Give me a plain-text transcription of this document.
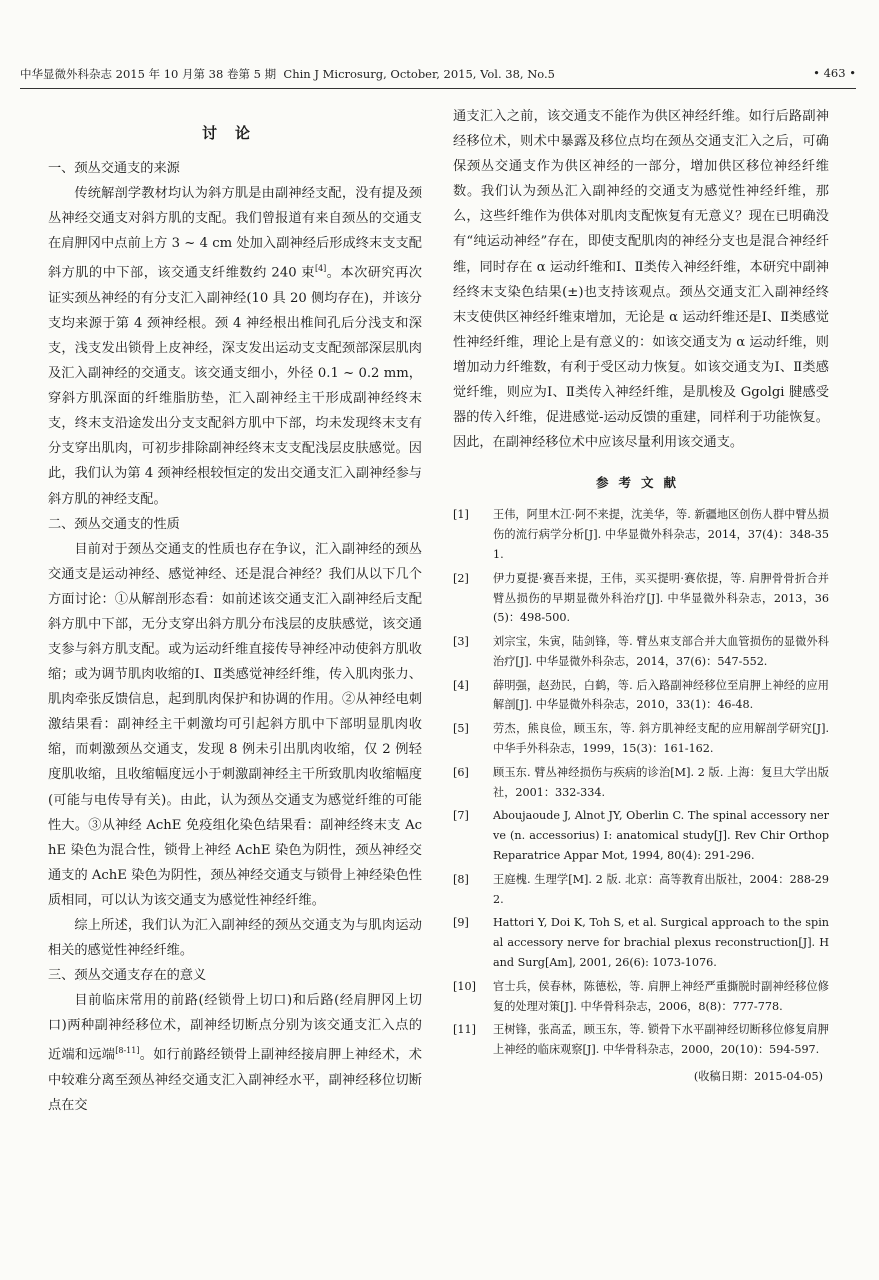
中华显微外科杂志 2015 年 10 月第 38 卷第 5 期 Chin J Microsurg, October, 2015, Vol. 38, No.5	• 463 •
讨论

一、颈丛交通支的来源

传统解剖学教材均认为斜方肌是由副神经支配，没有提及颈丛神经交通支对斜方肌的支配。我们曾报道有来自颈丛的交通支在肩胛冈中点前上方 3 ~ 4 cm 处加入副神经后形成终末支支配斜方肌的中下部，该交通支纤维数约 240 束[4]。本次研究再次证实颈丛神经的有分支汇入副神经(10 具 20 侧均存在)，并该分支均来源于第 4 颈神经根。颈 4 神经根出椎间孔后分浅支和深支，浅支发出锁骨上皮神经，深支发出运动支支配颈部深层肌肉及汇入副神经的交通支。该交通支细小，外径 0.1 ~ 0.2 mm，穿斜方肌深面的纤维脂肪垫，汇入副神经主干形成副神经终末支，终末支沿途发出分支支配斜方肌中下部，均未发现终末支有分支穿出肌肉，可初步排除副神经终末支支配浅层皮肤感觉。因此，我们认为第 4 颈神经根较恒定的发出交通支汇入副神经参与斜方肌的神经支配。

二、颈丛交通支的性质

目前对于颈丛交通支的性质也存在争议，汇入副神经的颈丛交通支是运动神经、感觉神经、还是混合神经？我们从以下几个方面讨论：①从解剖形态看：如前述该交通支汇入副神经后支配斜方肌中下部，无分支穿出斜方肌分布浅层的皮肤感觉，该交通支参与斜方肌支配。或为运动纤维直接传导神经冲动使斜方肌收缩；或为调节肌肉收缩的Ⅰ、Ⅱ类感觉神经纤维，传入肌肉张力、肌肉牵张反馈信息，起到肌肉保护和协调的作用。②从神经电刺激结果看：副神经主干刺激均可引起斜方肌中下部明显肌肉收缩，而刺激颈丛交通支，发现 8 例未引出肌肉收缩，仅 2 例轻度肌收缩，且收缩幅度远小于刺激副神经主干所致肌肉收缩幅度(可能与电传导有关)。由此，认为颈丛交通支为感觉纤维的可能性大。③从神经 AchE 免疫组化染色结果看：副神经终末支 AchE 染色为混合性，锁骨上神经 AchE 染色为阴性，颈丛神经交通支的 AchE 染色为阴性，颈丛神经交通支与锁骨上神经染色性质相同，可以认为该交通支为感觉性神经纤维。

综上所述，我们认为汇入副神经的颈丛交通支为与肌肉运动相关的感觉性神经纤维。

三、颈丛交通支存在的意义

目前临床常用的前路(经锁骨上切口)和后路(经肩胛冈上切口)两种副神经移位术，副神经切断点分别为该交通支汇入点的近端和远端[8-11]。如行前路经锁骨上副神经接肩胛上神经术，术中较难分离至颈丛神经交通支汇入副神经水平，副神经移位切断点在交

通支汇入之前，该交通支不能作为供区神经纤维。如行后路副神经移位术，则术中暴露及移位点均在颈丛交通支汇入之后，可确保颈丛交通支作为供区神经的一部分，增加供区移位神经纤维数。我们认为颈丛汇入副神经的交通支为感觉性神经纤维，那么，这些纤维作为供体对肌肉支配恢复有无意义？现在已明确没有“纯运动神经”存在，即使支配肌肉的神经分支也是混合神经纤维，同时存在 α 运动纤维和Ⅰ、Ⅱ类传入神经纤维，本研究中副神经终末支染色结果(±)也支持该观点。颈丛交通支汇入副神经终末支使供区神经纤维束增加，无论是 α 运动纤维还是Ⅰ、Ⅱ类感觉性神经纤维，理论上是有意义的：如该交通支为 α 运动纤维，则增加动力纤维数，有利于受区动力恢复。如该交通支为Ⅰ、Ⅱ类感觉纤维，则应为Ⅰ、Ⅱ类传入神经纤维，是肌梭及 Ggolgi 腱感受器的传入纤维，促进感觉-运动反馈的重建，同样利于功能恢复。因此，在副神经移位术中应该尽量利用该交通支。

参考文献
[1] 王伟，阿里木江·阿不来提，沈美华，等. 新疆地区创伤人群中臂丛损伤的流行病学分析[J]. 中华显微外科杂志，2014，37(4)：348-351.
[2] 伊力夏提·赛吾来提，王伟，买买提明·赛依提，等. 肩胛骨骨折合并臂丛损伤的早期显微外科治疗[J]. 中华显微外科杂志，2013，36(5)：498-500.
[3] 刘宗宝，朱寅，陆剑锋，等. 臂丛束支部合并大血管损伤的显微外科治疗[J]. 中华显微外科杂志，2014，37(6)：547-552.
[4] 薛明强，赵劲民，白鹤，等. 后入路副神经移位至肩胛上神经的应用解剖[J]. 中华显微外科杂志，2010，33(1)：46-48.
[5] 劳杰，熊良俭，顾玉东，等. 斜方肌神经支配的应用解剖学研究[J]. 中华手外科杂志，1999，15(3)：161-162.
[6] 顾玉东. 臂丛神经损伤与疾病的诊治[M]. 2 版. 上海：复旦大学出版社，2001：332-334.
[7] Aboujaoude J, Alnot JY, Oberlin C. The spinal accessory nerve (n. accessorius) Ⅰ: anatomical study[J]. Rev Chir Orthop Reparatrice Appar Mot, 1994, 80(4): 291-296.
[8] 王庭槐. 生理学[M]. 2 版. 北京：高等教育出版社，2004：288-292.
[9] Hattori Y, Doi K, Toh S, et al. Surgical approach to the spinal accessory nerve for brachial plexus reconstruction[J]. Hand Surg[Am], 2001, 26(6): 1073-1076.
[10] 官士兵，侯春林，陈德松，等. 肩胛上神经严重撕脱时副神经移位修复的处理对策[J]. 中华骨科杂志，2006，8(8)：777-778.
[11] 王树锋，张高孟，顾玉东，等. 锁骨下水平副神经切断移位修复肩胛上神经的临床观察[J]. 中华骨科杂志，2000，20(10)：594-597.
(收稿日期：2015-04-05)
